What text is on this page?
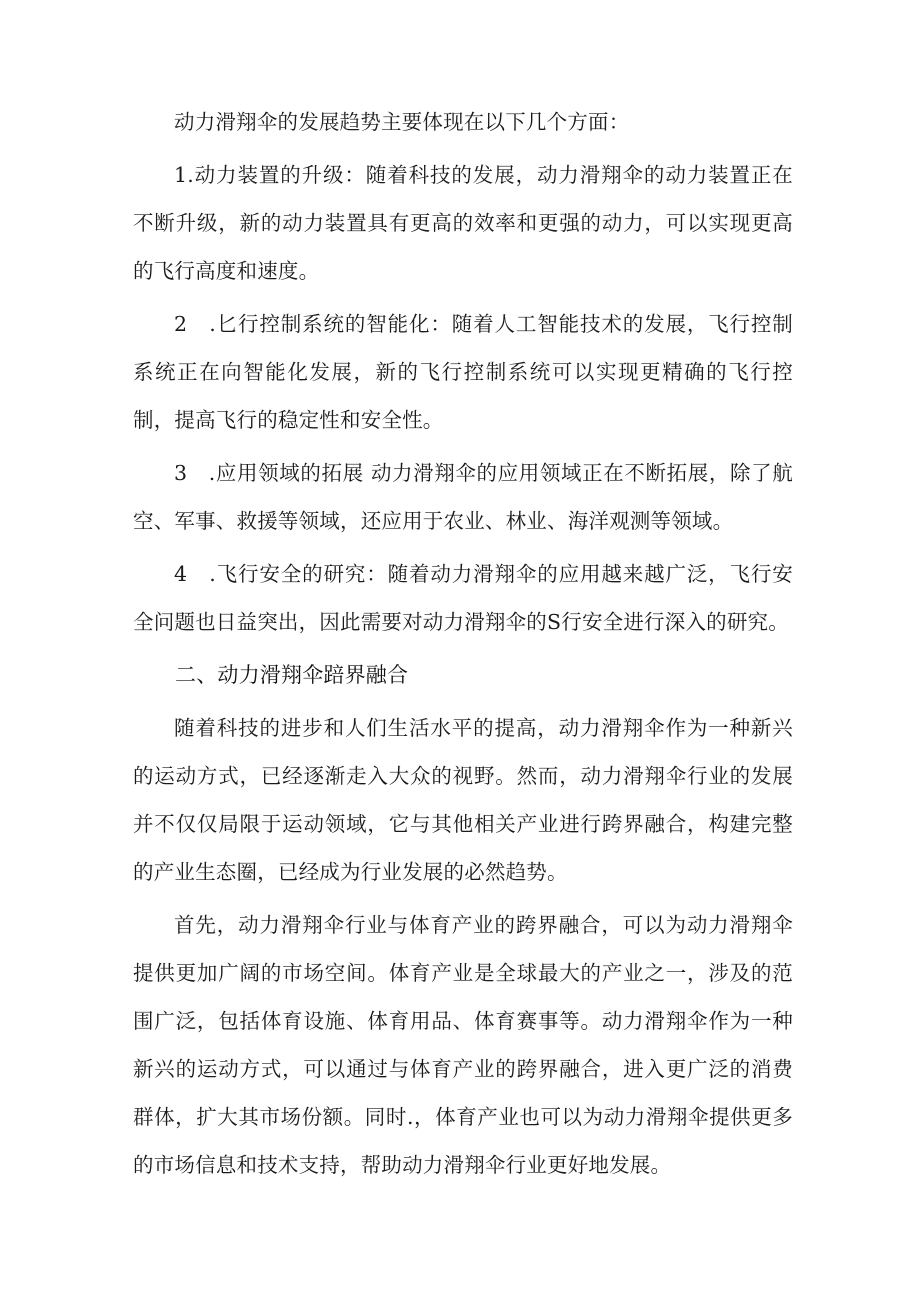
动力滑翔伞的发展趋势主要体现在以下几个方面：

1.动力装置的升级：随着科技的发展，动力滑翔伞的动力装置正在不断升级，新的动力装置具有更高的效率和更强的动力，可以实现更高的飞行高度和速度。

2　.匕行控制系统的智能化：随着人工智能技术的发展，飞行控制系统正在向智能化发展，新的飞行控制系统可以实现更精确的飞行控制，提高飞行的稳定性和安全性。

3　.应用领域的拓展 动力滑翔伞的应用领域正在不断拓展，除了航空、军事、救援等领域，还应用于农业、林业、海洋观测等领域。

4　.飞行安全的研究：随着动力滑翔伞的应用越来越广泛，飞行安全问题也日益突出，因此需要对动力滑翔伞的S行安全进行深入的研究。

二、动力滑翔伞踣界融合

随着科技的进步和人们生活水平的提高，动力滑翔伞作为一种新兴的运动方式，已经逐渐走入大众的视野。然而，动力滑翔伞行业的发展并不仅仅局限于运动领域，它与其他相关产业进行跨界融合，构建完整的产业生态圈，已经成为行业发展的必然趋势。

首先，动力滑翔伞行业与体育产业的跨界融合，可以为动力滑翔伞提供更加广阔的市场空间。体育产业是全球最大的产业之一，涉及的范围广泛，包括体育设施、体育用品、体育赛事等。动力滑翔伞作为一种新兴的运动方式，可以通过与体育产业的跨界融合，进入更广泛的消费群体，扩大其市场份额。同时.，体育产业也可以为动力滑翔伞提供更多的市场信息和技术支持，帮助动力滑翔伞行业更好地发展。
